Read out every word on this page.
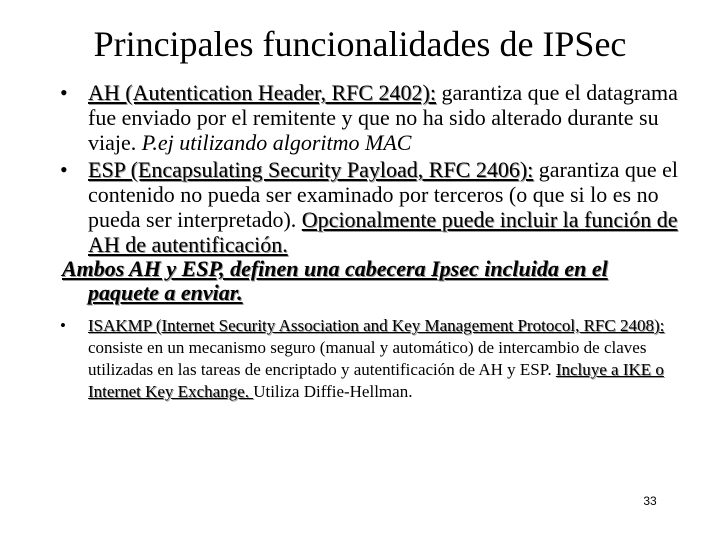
Principales funcionalidades de IPSec
• AH (Autentication Header, RFC 2402): garantiza que el datagrama fue enviado por el remitente y que no ha sido alterado durante su viaje. P.ej utilizando algoritmo MAC
• ESP (Encapsulating Security Payload, RFC 2406): garantiza que el contenido no pueda ser examinado por terceros (o que si lo es no pueda ser interpretado). Opcionalmente puede incluir la función de AH de autentificación.
Ambos AH y ESP, definen una cabecera Ipsec incluida en el
paquete a enviar.
• ISAKMP (Internet Security Association and Key Management Protocol, RFC 2408): consiste en un mecanismo seguro (manual y automático) de intercambio de claves utilizadas en las tareas de encriptado y autentificación de AH y ESP. Incluye a IKE o Internet Key Exchange. Utiliza Diffie-Hellman.
33
